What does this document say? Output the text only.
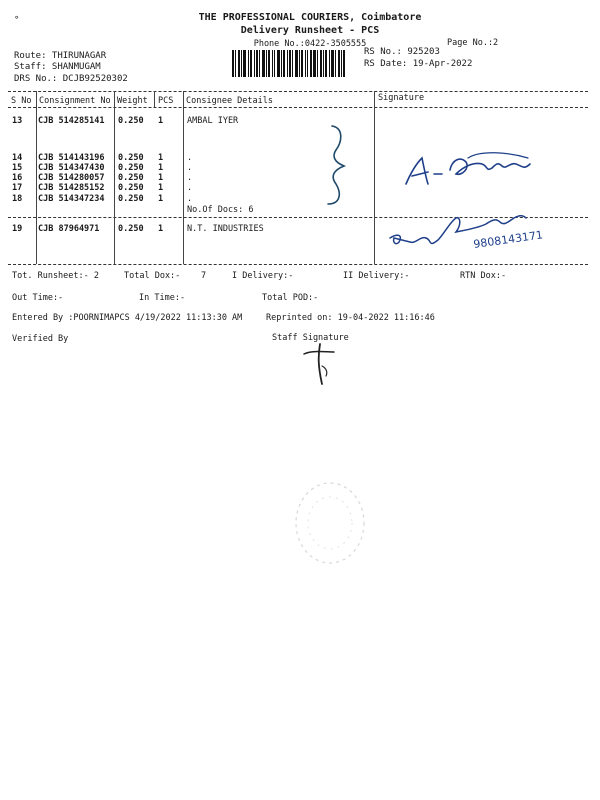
∘	THE PROFESSIONAL COURIERS, Coimbatore
Delivery Runsheet - PCS
Phone No.:0422-3505555	Page No.:2
Route: THIRUNAGAR
Staff: SHANMUGAM
DRS No.: DCJB92520302
RS No.: 925203
RS Date: 19-Apr-2022
S No Consignment No Weight PCS Consignee Details	Signature
13 CJB 514285141 0.250 1	AMBAL IYER
14 CJB 514143196 0.250 1	.
15 CJB 514347430 0.250 1	.
16 CJB 514280057 0.250 1	.
17 CJB 514285152 0.250 1	.
18 CJB 514347234 0.250 1	.
No.Of Docs: 6
19 CJB 87964971 0.250 1	N.T. INDUSTRIES
A. Mallika
9808143171
Tot. Runsheet:- 2	Total Dox:- 7	I Delivery:-	II Delivery:-	RTN Dox:-
Out Time:-	In Time:-	Total POD:-
Entered By :POORNIMAPCS 4/19/2022 11:13:30 AM	Reprinted on: 19-04-2022 11:16:46
Verified By	Staff Signature
